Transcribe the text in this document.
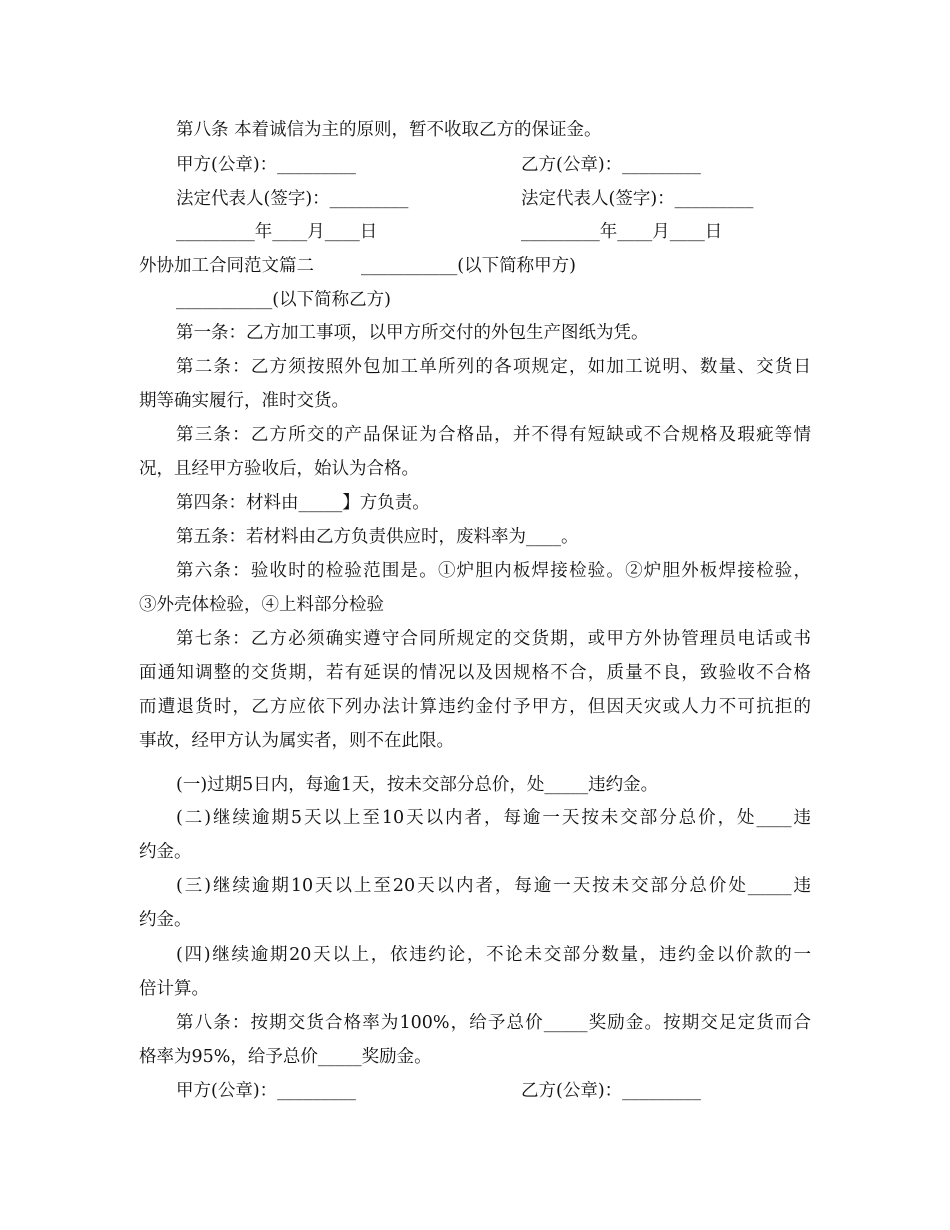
第八条 本着诚信为主的原则，暂不收取乙方的保证金。
甲方(公章)：_________	乙方(公章)：_________
法定代表人(签字)：_________	法定代表人(签字)：_________
_________年____月____日	_________年____月____日
外协加工合同范文篇二	___________(以下简称甲方)
___________(以下简称乙方)
第一条：乙方加工事项，以甲方所交付的外包生产图纸为凭。
第二条：乙方须按照外包加工单所列的各项规定，如加工说明、数量、交货日
期等确实履行，准时交货。
第三条：乙方所交的产品保证为合格品，并不得有短缺或不合规格及瑕疵等情
况，且经甲方验收后，始认为合格。
第四条：材料由_____】方负责。
第五条：若材料由乙方负责供应时，废料率为____。
第六条：验收时的检验范围是。①炉胆内板焊接检验。②炉胆外板焊接检验，
③外壳体检验，④上料部分检验
第七条：乙方必须确实遵守合同所规定的交货期，或甲方外协管理员电话或书
面通知调整的交货期，若有延误的情况以及因规格不合，质量不良，致验收不合格
而遭退货时，乙方应依下列办法计算违约金付予甲方，但因天灾或人力不可抗拒的
事故，经甲方认为属实者，则不在此限。
(一)过期5日内，每逾1天，按未交部分总价，处_____违约金。
(二)继续逾期5天以上至10天以内者，每逾一天按未交部分总价，处____违
约金。
(三)继续逾期10天以上至20天以内者，每逾一天按未交部分总价处_____违
约金。
(四)继续逾期20天以上，依违约论，不论未交部分数量，违约金以价款的一
倍计算。
第八条：按期交货合格率为100%，给予总价_____奖励金。按期交足定货而合
格率为95%，给予总价_____奖励金。
甲方(公章)：_________	乙方(公章)：_________
